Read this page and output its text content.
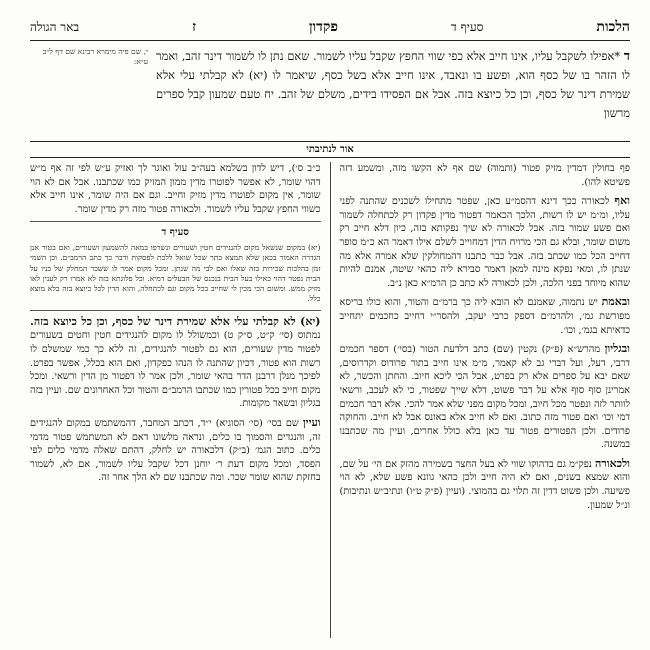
הלכות
סעיף ד
פקדון
ז
באר הגולה
ד *אפילו לשקבל עליו, אינו חייב אלא כפי שווי החפץ שקבל עליו לשמור. שאם נתן לו לשמור דינר זהב, ואמר לו הזהר בו של כסף הוא, ופשע בו ונאבד, אינו חייב אלא בשל כסף, שיאמר לו (יא) לא קבלתי עלי אלא שמירת דינר של כסף, וכן כל כיוצא בזה. אבל אם הפסידו בידים, משלם של זהב. יח טעם שמעון קבל ספרים מרשון
י, שם פיה מימרא רבינא שם דף ל״ב ע״א:
אור לנתיבתי

פף בחולין דמדין מזיק פטור (ותמוה) שם אף לא הקשו מזה, ומשמע דזה פשיטא להו).

ואף לכאורה ככך דינא דהסמ״ע כאן, שפטר מתחילו לשכנים שהתנה לפני עליו, ומ״מ יש לו רשות, הלכך הכאמר דפטור מדין פקדון רק לכתחלה לשמור ואם פשע שמור בזה. אבל לכאורה לא שיך נפקותא בזה, כיון דלא חייב רק משום שומר, ובלא גם הכי מרויח הדין דמחוייב לשלם אילו דאמר הא כ״מ סופר דחייב הכל כמו שכתב בזה. אבל כבר כתבנו דהמחולקין שלא אמרה אלא מה שנתן לו, ומאי נפקא מינה למאן דאמר סבירא ליה כהאי שיטה, אמנם להיות שהוא מיוחד בפני הלכה, ולכן לכאורה לא כתב כן הרמ״א כאן נ״ב.

ובאמת יש נתמוה, שאמנם לא הובא ליה כך ברמ״ם והטור, והוא כולו בריסא מפורשת גמ׳, ולהרמ״ם דספק כרבי יעקב, ולהסר״י דחייב כחכמים יתחייב כדאיתא בגמ׳, וכו׳.

ובגליון מהרש״א (פ״ק) נקטין (שם) כתב דלדעת הטור (בסי׳) דספר חכמים דרבי, דעל, ועל דברי גב לא קאמר, מ״מ אינו חייב בתור פרודוס וקדרוסים, שאם יבא על ספרים אלא רק בפרט, אבל הכי ליכא חיוב. והחתן והכשר, לא אמרינן סוף סוף אלא על דבר פשוט, דלא שייך שפטור, כי לא לעכב, ורשאי לוותר לזה ונפטר מכל חיוב, ומכל מקום מפני שלא אמר להכי. אלא דבר חכמים דמי וכו׳ ואם פטור מזה כתוב. ואם לא חייב אלא באונס אבל לא חייב. והחוקה פרודים. ולכן הפטורים פטור עד כאן בלא כולל אחרים, ועיין מה שכתבנו במשנה.

ולכאורה נפק״מ גם בדהוקו שווי לא בעל החצר בשמירה מהזק אם הי׳ על שם, והוא שמצא בשנים, ואם לא היה חייב ולכן כהאי גוונא פשע שלא, לא הוי פשיעה. ולכן פשוט דדין זה תלוי גם בהמוצי. (ועיין (פ״ק ט״ו) ונתיב״ש ונתיבות) ונ״ל שמעון.

כ״ב ס׳), דיש לדון בשלמא בעה״ב עול ואוגר לך ואזיק ע״ש לפי זה אף מ״ש דהוי שומר, לא אפשר לפוטרו מדין ממון המזיק כמו שכתבנו. אבל אם לא הוי שומר, אין מקום לפוטרו מדין מזיק וחייב. וגם אם היה שומר, אינו חייב אלא כשווי החפץ שקבל עליו לשמור. ולכאורה פטור מזה רק מדין שומר.

סעיף ד

(יא) במקום שנשאל מקום להנגידים חטין ושעורים ונשרפו במאה להשמעון ושעורים, ואם בטור אנן הגדרה האמור בכאן שלא תמצא כתר שכל שואל ללכת לפסקות ודבר כך כתב הרמב״ם. וכן השמי זמן בהלכות שכירות בזה שאלו ואם לבי מה שנתן. ומכל מקום אמר לו ששכר המחלק של בניו על הבית נפטר דהוי כאילו בעל הבית בנכנס של הבעלים דמיא. וכל פלוגתא בזה לא אמרו רק לענין לאו מזיק ממש. ומשום הכי מכין לי שחייב בכל מקום וגם לכתחלה, והוא הדין לכל כיוצא בזה בלא מוצא כלל.

(יא) לא קבלתי עלי אלא שמירת דינר של כסף, וכן כל כיוצא בזה. נמתוס (סי׳ ק״ט, ס״ק ט) וכמשולל לו מקום להנגידים חטין וחטים בשעורים לפטור מדין שעורים, הוא גם לפטור להנגידים, זה ללא כך כמי שמשלם לו רשות הוא פטור, דכיון שהתנה לו הנהו כפקדון, ואם הוא בכלל, אפשר בפרט. לפיכך מנלן דרבנן הדר בהאי שומר, ולכן אמר לו דפטור מן הדין ורשאי. ומכל מקום חייב בכל פטורין כמו שכתבו הרמב״ם והטור וכל האחרונים שם. ועיין בזה בגליון ובשאר מקומות.

ועיין שם בסי׳ (סי׳ הסוגיא) י״ד, דכתב המחבר, דהמשתמש במקום להנגידים זה, והנגדים והסמוך בו כלים, ונראה מלשונו דאם לא המשתמש פטור מדמי כלים. כתוב הגמ׳ (ב״ק) דלכאורה יש לחלק, דהתם שאלה מדמי כלים לפי הפסד, ומכל מקום דעת ר׳ יוחנן דכל שקבל עליו לשמור, אם לא, לשמור בחזקת שהוא שומר שכר. ומה שכתבנו שם לא הלך אחר זה.
